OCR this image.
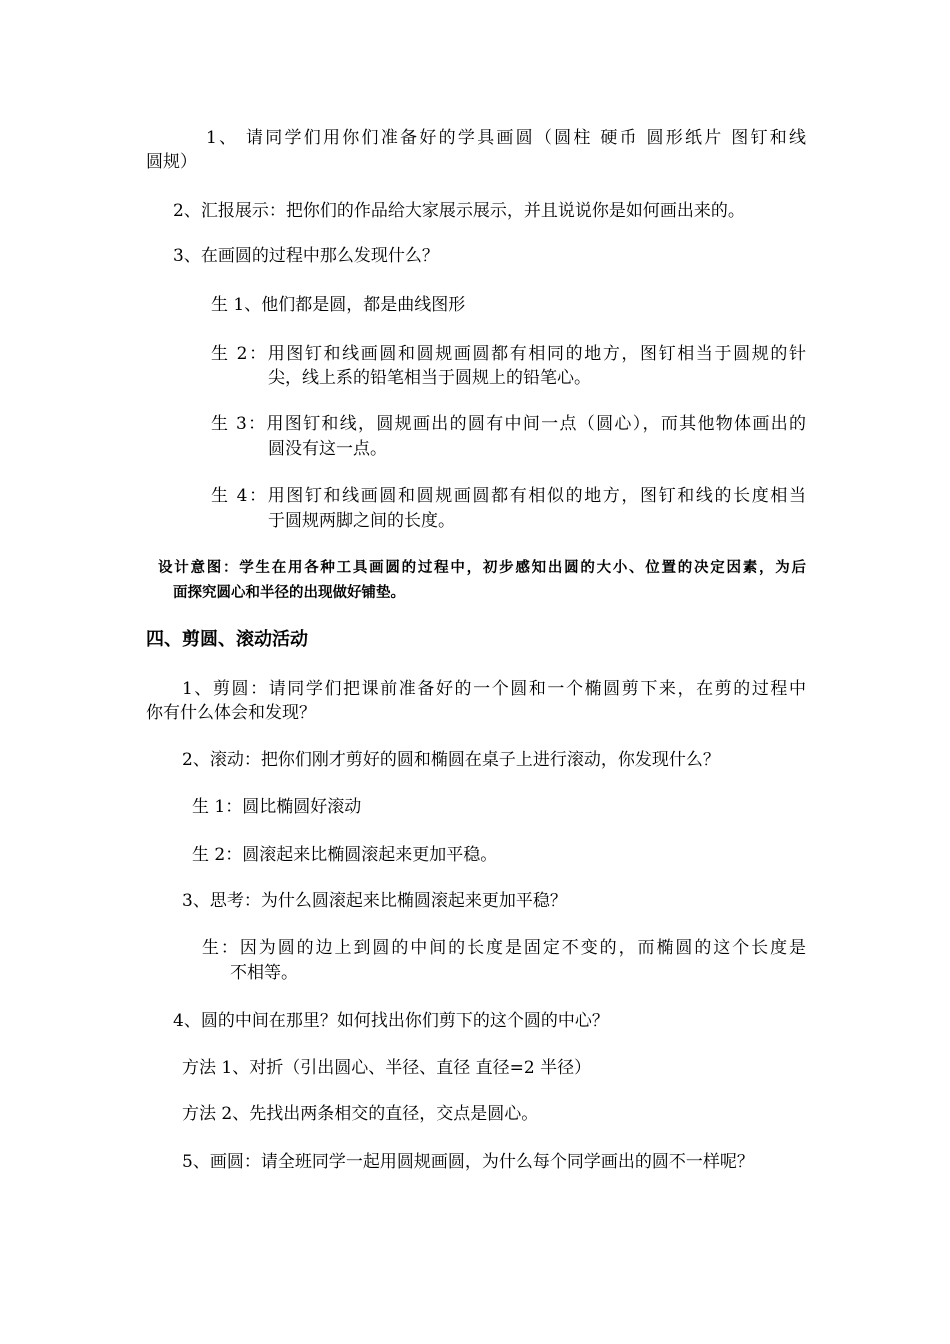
1、 请同学们用你们准备好的学具画圆（圆柱 硬币 圆形纸片 图钉和线
圆规）
2、汇报展示：把你们的作品给大家展示展示，并且说说你是如何画出来的。
3、在画圆的过程中那么发现什么？
生 1、他们都是圆，都是曲线图形
生 2：用图钉和线画圆和圆规画圆都有相同的地方，图钉相当于圆规的针
尖，线上系的铅笔相当于圆规上的铅笔心。
生 3：用图钉和线，圆规画出的圆有中间一点（圆心），而其他物体画出的
圆没有这一点。
生 4：用图钉和线画圆和圆规画圆都有相似的地方，图钉和线的长度相当
于圆规两脚之间的长度。
设计意图：学生在用各种工具画圆的过程中，初步感知出圆的大小、位置的决定因素，为后
面探究圆心和半径的出现做好铺垫。
四、剪圆、滚动活动
1、剪圆：请同学们把课前准备好的一个圆和一个椭圆剪下来，在剪的过程中
你有什么体会和发现？
2、滚动：把你们刚才剪好的圆和椭圆在桌子上进行滚动，你发现什么？
生 1：圆比椭圆好滚动
生 2：圆滚起来比椭圆滚起来更加平稳。
3、思考：为什么圆滚起来比椭圆滚起来更加平稳？
生：因为圆的边上到圆的中间的长度是固定不变的，而椭圆的这个长度是
不相等。
4、圆的中间在那里？如何找出你们剪下的这个圆的中心？
方法 1、对折（引出圆心、半径、直径 直径=2 半径）
方法 2、先找出两条相交的直径，交点是圆心。
5、画圆：请全班同学一起用圆规画圆，为什么每个同学画出的圆不一样呢？
